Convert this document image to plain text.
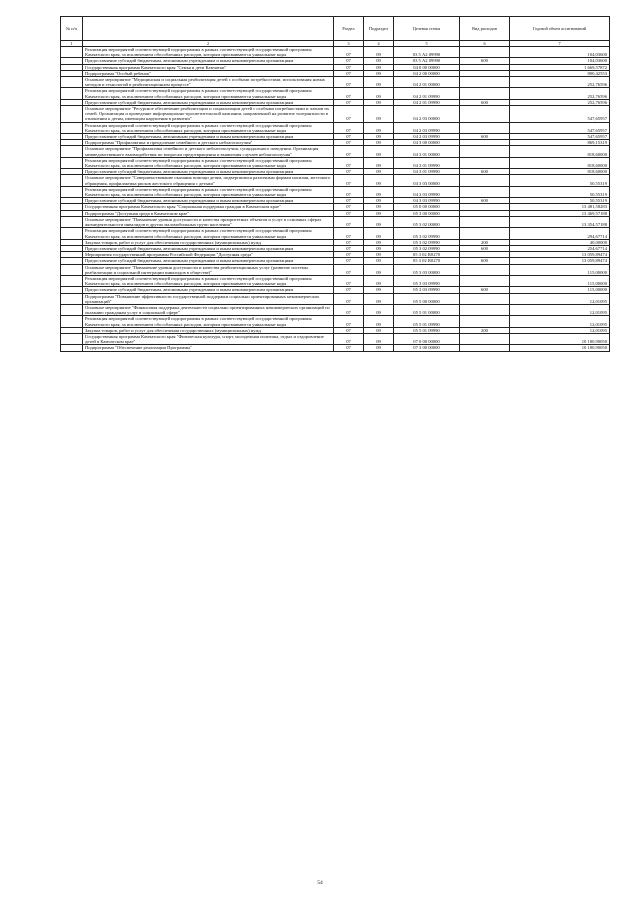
№ п/п		Раздел	Подраздел	Целевая статья	Вид расходов	Годовой объем ассигнований
1	2	3	4	5	6	7
	Реализация мероприятий соответствующей подпрограммы в рамках соответствующей государственной программы Камчатского края, за исключением обособленных расходов, которым присваиваются уникальные коды	07	09	03 5 А2 09990		104,03600
	Предоставление субсидий бюджетным, автономным учреждениям и иным некоммерческим организациям	07	09	03 5 А2 09990	600	104,03600
	Государственная программа Камчатского края "Семья и дети Камчатки"	07	09	04 0 00 00000		1 669,57872
	Подпрограмма "Особый ребенок"	07	09	04 2 00 00000		800,42553
	Основное мероприятие "Медицинская и социальная реабилитация детей с особыми потребностями, использования новых методов и технологий в реабилитационном процессе"	07	09	04 2 01 00000		252,76596
	Реализация мероприятий соответствующей подпрограммы в рамках соответствующей государственной программы Камчатского края, за исключением обособленных расходов, которым присваиваются уникальные коды	07	09	04 2 01 09990		252,76596
	Предоставление субсидий бюджетным, автономным учреждениям и иным некоммерческим организациям	07	09	04 2 01 09990	600	252,76596
	Основное мероприятие "Ресурсное обеспечение реабилитации и социализации детей с особыми потребностями и членов их семей. Организация и проведение информационно-просветительской кампании, направленной на развитие толерантности в отношении к детям, имеющим нарушения в развитии"	07	09	04 2 03 00000		547,65957
	Реализация мероприятий соответствующей подпрограммы в рамках соответствующей государственной программы Камчатского края, за исключением обособленных расходов, которым присваиваются уникальные коды	07	09	04 2 03 09990		547,65957
	Предоставление субсидий бюджетным, автономным учреждениям и иным некоммерческим организациям	07	09	04 2 03 09990	600	547,65957
	Подпрограмма "Профилактика и преодоление семейного и детского неблагополучия"	07	09	04 3 00 00000		869,15319
	Основное мероприятие "Профилактика семейного и детского неблагополучия, суицидального поведения. Организация межведомственного взаимодействия по вопросам предотвращения и выявления случаев неблагополучия"	07	09	04 3 01 00000		818,60000
	Реализация мероприятий соответствующей подпрограммы в рамках соответствующей государственной программы Камчатского края, за исключением обособленных расходов, которым присваиваются уникальные коды	07	09	04 3 01 09990		818,60000
	Предоставление субсидий бюджетным, автономным учреждениям и иным некоммерческим организациям	07	09	04 3 01 09990	600	818,60000
	Основное мероприятие "Совершенствование оказания помощи детям, подвергшимся различным формам насилия, жестокого обращения, профилактика рисков жестокого обращения с детьми"	07	09	04 3 03 00000		50,55319
	Реализация мероприятий соответствующей подпрограммы в рамках соответствующей государственной программы Камчатского края, за исключением обособленных расходов, которым присваиваются уникальные коды	07	09	04 3 03 09990		50,55319
	Предоставление субсидий бюджетным, автономным учреждениям и иным некоммерческим организациям	07	09	04 3 03 09990	600	50,55319
	Государственная программа Камчатского края "Социальная поддержка граждан в Камчатском крае"	07	09	05 0 00 00000		13 481,58283
	Подпрограмма "Доступная среда в Камчатском крае"	07	09	05 3 00 00000		13 469,57188
	Основное мероприятие "Повышение уровня доступности и качества приоритетных объектов и услуг в основных сферах жизнедеятельности инвалидов и других маломобильных групп населения"	07	09	05 3 02 00000		13 354,57188
	Реализация мероприятий соответствующей подпрограммы в рамках соответствующей государственной программы Камчатского края, за исключением обособленных расходов, которым присваиваются уникальные коды	07	09	05 3 02 09990		294,67714
	Закупка товаров, работ и услуг для обеспечения государственных (муниципальных) нужд	07	09	05 3 02 09990	200	40,00000
	Предоставление субсидий бюджетным, автономным учреждениям и иным некоммерческим организациям	07	09	05 3 02 09990	600	254,67714
	Мероприятия государственной программы Российской Федерации "Доступная среда"	07	09	05 3 02 R0270		13 059,89474
	Предоставление субсидий бюджетным, автономным учреждениям и иным некоммерческим организациям	07	09	05 3 02 R0270	600	13 059,89474
	Основное мероприятие "Повышение уровня доступности и качества реабилитационных услуг (развитие системы реабилитации и социальной интеграции инвалидов в обществе)"	07	09	05 3 03 00000		115,00000
	Реализация мероприятий соответствующей подпрограммы в рамках соответствующей государственной программы Камчатского края, за исключением обособленных расходов, которым присваиваются уникальные коды	07	09	05 3 03 09990		115,00000
	Предоставление субсидий бюджетным, автономным учреждениям и иным некоммерческим организациям	07	09	05 3 03 09990	600	115,00000
	Подпрограмма "Повышение эффективности государственной поддержки социально ориентированных некоммерческих организаций"	07	09	05 5 00 00000		12,01095
	Основное мероприятие "Финансовая поддержка деятельности социально ориентированных некоммерческих организаций по оказанию гражданам услуг в социальной сфере"	07	09	05 5 01 00000		12,01095
	Реализация мероприятий соответствующей подпрограммы в рамках соответствующей государственной программы Камчатского края, за исключением обособленных расходов, которым присваиваются уникальные коды	07	09	05 5 01 09990		12,01095
	Закупка товаров, работ и услуг для обеспечения государственных (муниципальных) нужд	07	09	05 5 01 09990	200	12,01095
	Государственная программа Камчатского края "Физическая культура, спорт, молодежная политика, отдых и оздоровление детей в Камчатском крае"	07	09	07 0 00 00000		10 180,90050
	Подпрограмма "Обеспечение реализации Программы"	07	09	07 3 00 00000		10 180,90050
54
